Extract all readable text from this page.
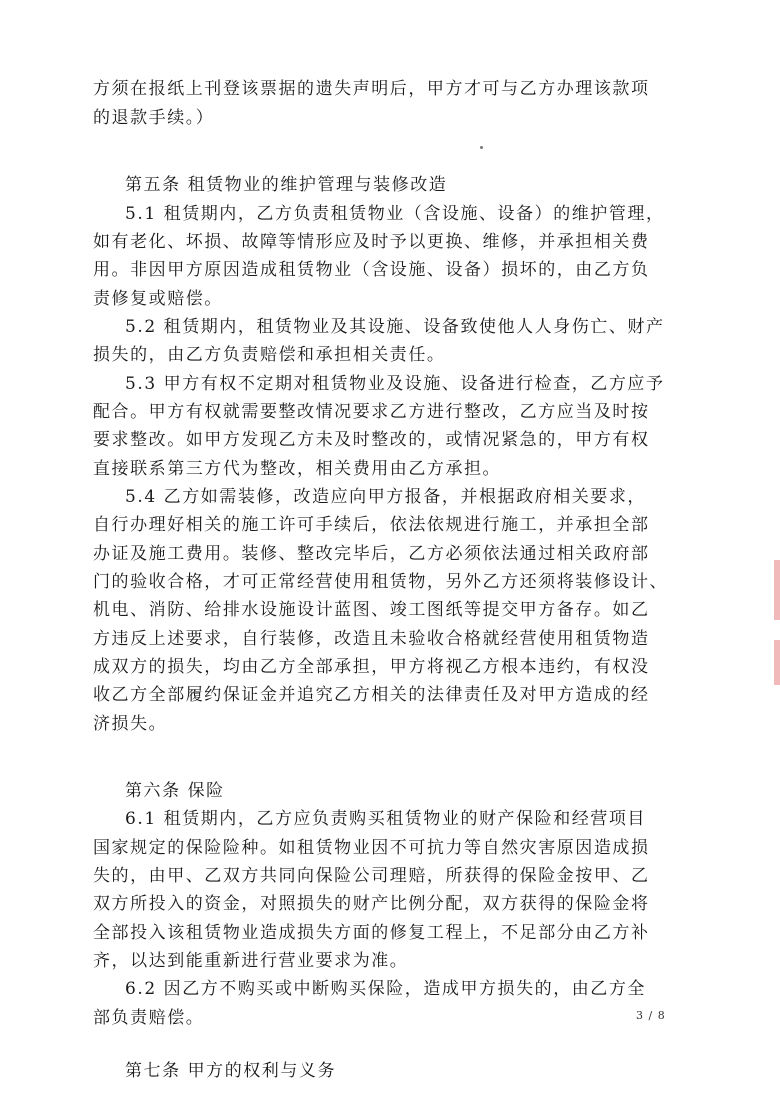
方须在报纸上刊登该票据的遗失声明后，甲方才可与乙方办理该款项

的退款手续。）

第五条 租赁物业的维护管理与装修改造

5.1 租赁期内，乙方负责租赁物业（含设施、设备）的维护管理，

如有老化、坏损、故障等情形应及时予以更换、维修，并承担相关费

用。非因甲方原因造成租赁物业（含设施、设备）损坏的，由乙方负

责修复或赔偿。

5.2 租赁期内，租赁物业及其设施、设备致使他人人身伤亡、财产

损失的，由乙方负责赔偿和承担相关责任。

5.3 甲方有权不定期对租赁物业及设施、设备进行检查，乙方应予

配合。甲方有权就需要整改情况要求乙方进行整改，乙方应当及时按

要求整改。如甲方发现乙方未及时整改的，或情况紧急的，甲方有权

直接联系第三方代为整改，相关费用由乙方承担。

5.4 乙方如需装修，改造应向甲方报备，并根据政府相关要求，

自行办理好相关的施工许可手续后，依法依规进行施工，并承担全部

办证及施工费用。装修、整改完毕后，乙方必须依法通过相关政府部

门的验收合格，才可正常经营使用租赁物，另外乙方还须将装修设计、

机电、消防、给排水设施设计蓝图、竣工图纸等提交甲方备存。如乙

方违反上述要求，自行装修，改造且未验收合格就经营使用租赁物造

成双方的损失，均由乙方全部承担，甲方将视乙方根本违约，有权没

收乙方全部履约保证金并追究乙方相关的法律责任及对甲方造成的经

济损失。

第六条 保险

6.1 租赁期内，乙方应负责购买租赁物业的财产保险和经营项目

国家规定的保险险种。如租赁物业因不可抗力等自然灾害原因造成损

失的，由甲、乙双方共同向保险公司理赔，所获得的保险金按甲、乙

双方所投入的资金，对照损失的财产比例分配，双方获得的保险金将

全部投入该租赁物业造成损失方面的修复工程上，不足部分由乙方补

齐，以达到能重新进行营业要求为准。

6.2 因乙方不购买或中断购买保险，造成甲方损失的，由乙方全

部负责赔偿。

第七条 甲方的权利与义务

3 / 8
